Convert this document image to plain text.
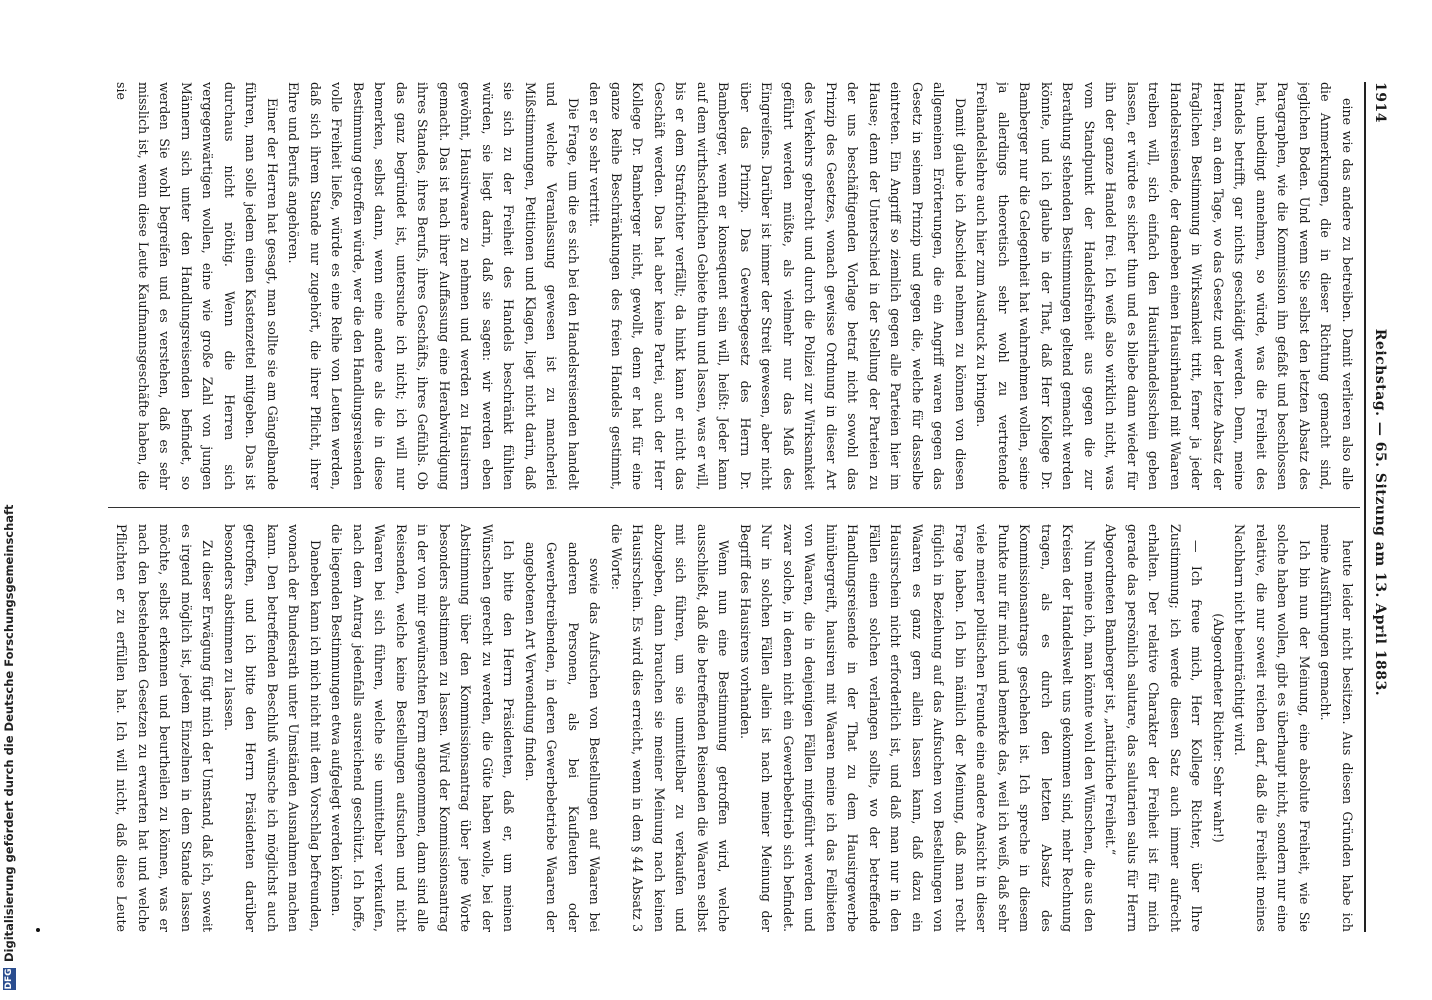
1914
Reichstag. — 65. Sitzung am 13. April 1883.

eine wie das andere zu betreiben. Damit verlieren also alle die Anmerkungen, die in dieser Richtung gemacht sind, jeglichen Boden. Und wenn Sie selbst den letzten Absatz des Paragraphen, wie die Kommission ihn gefaßt und beschlossen hat, unbedingt annehmen, so würde, was die Freiheit des Handels betrifft, gar nichts geschädigt werden. Denn, meine Herren, an dem Tage, wo das Gesetz und der letzte Absatz der fraglichen Bestimmung in Wirksamkeit tritt, ferner ja jeder Handelsreisende, der daneben einen Hausirhandel mit Waaren treiben will, sich einfach den Hausirhandelsschein geben lassen, er würde es sicher thun und es bliebe dann wieder für ihn der ganze Handel frei. Ich weiß also wirklich nicht, was vom Standpunkt der Handelsfreiheit aus gegen die zur Berathung stehenden Bestimmungen geltend gemacht werden könnte, und ich glaube in der That, daß Herr Kollege Dr. Bamberger nur die Gelegenheit hat wahrnehmen wollen, seine ja allerdings theoretisch sehr wohl zu vertretende Freihandelslehre auch hier zum Ausdruck zu bringen.

Damit glaube ich Abschied nehmen zu können von diesen allgemeinen Erörterungen, die ein Angriff waren gegen das Gesetz in seinem Prinzip und gegen die, welche für dasselbe eintreten. Ein Angriff so ziemlich gegen alle Parteien hier im Hause; denn der Unterschied in der Stellung der Parteien zu der uns beschäftigenden Vorlage betraf nicht sowohl das Prinzip des Gesetzes, wonach gewisse Ordnung in dieser Art des Verkehrs gebracht und durch die Polizei zur Wirksamkeit geführt werden müßte, als vielmehr nur das Maß des Eingreifens. Darüber ist immer der Streit gewesen, aber nicht über das Prinzip. Das Gewerbegesetz des Herrn Dr. Bamberger, wenn er konsequent sein will, heißt: Jeder kann auf dem wirthschaftlichen Gebiete thun und lassen, was er will, bis er dem Strafrichter verfällt; da hinkt kann er nicht das Geschäft werden. Das hat aber keine Partei, auch der Herr Kollege Dr. Bamberger nicht, gewollt, denn er hat für eine ganze Reihe Beschränkungen des freien Handels gestimmt, den er so sehr vertritt.

Die Frage, um die es sich bei den Handelsreisenden handelt und welche Veranlassung gewesen ist zu mancherlei Mißstimmungen, Petitionen und Klagen, liegt nicht darin, daß sie sich zu der Freiheit des Handels beschränkt fühlten würden, sie liegt darin, daß sie sagen: wir werden eben gewöhnt, Hausirwaare zu nehmen und werden zu Hausirern gemacht. Das ist nach ihrer Auffassung eine Herabwürdigung ihres Standes, ihres Berufs, ihres Geschäfts, ihres Gefühls. Ob das ganz begründet ist, untersuche ich nicht; ich will nur bemerken, selbst dann, wenn eine andere als die in diese Bestimmung getroffen würde, wer die den Handlungsreisenden volle Freiheit ließe, würde es eine Reihe von Leuten werden, daß sich ihrem Stande nur zugehört, die ihrer Pflicht, ihrer Ehre und Berufs angehören.

Einer der Herren hat gesagt, man sollte sie am Gängelbande führen, man solle jedem einen Kastenzettel mitgeben. Das ist durchaus nicht nöthig. Wenn die Herren sich vergegenwärtigen wollen, eine wie große Zahl von jungen Männern sich unter den Handlungsreisenden befindet, so werden Sie wohl begreifen und es verstehen, daß es sehr misslich ist, wenn diese Leute Kaufmannsgeschäfte haben, die sie

heute leider nicht besitzen. Aus diesen Gründen habe ich meine Ausführungen gemacht.

Ich bin nun der Meinung, eine absolute Freiheit, wie Sie solche haben wollen, gibt es überhaupt nicht, sondern nur eine relative, die nur soweit reichen darf, daß die Freiheit meines Nachbarn nicht beeinträchtigt wird.

(Abgeordneter Richter: Sehr wahr!)

— Ich freue mich, Herr Kollege Richter, über Ihre Zustimmung; ich werde diesen Satz auch immer aufrecht erhalten. Der relative Charakter der Freiheit ist für mich gerade das persönlich salutare, das salutarien salus für Herrn Abgeordneten Bamberger ist, „natürliche Freiheit.“

Nun meine ich, man könnte wohl den Wünschen, die aus den Kreisen der Handelswelt uns gekommen sind, mehr Rechnung tragen, als es durch den letzten Absatz des Kommissionsantrags geschehen ist. Ich spreche in diesem Punkte nur für mich und bemerke das, weil ich weiß, daß sehr viele meiner politischen Freunde eine andere Ansicht in dieser Frage haben. Ich bin nämlich der Meinung, daß man recht füglich in Beziehung auf das Aufsuchen von Bestellungen von Waaren es ganz gern allein lassen kann, daß dazu ein Hausirschein nicht erforderlich ist, und daß man nur in den Fällen einen solchen verlangen sollte, wo der betreffende Handlungsreisende in der That zu dem Hausirgewerbe hinübergreift, hausiren mit Waaren meine ich das Feilbieten von Waaren, die in denjenigen Fällen mitgeführt werden und zwar solche, in denen nicht ein Gewerbebetrieb sich befindet. Nur in solchen Fällen allein ist nach meiner Meinung der Begriff des Hausirens vorhanden.

Wenn nun eine Bestimmung getroffen wird, welche ausschließt, daß die betreffenden Reisenden die Waaren selbst mit sich führen, um sie unmittelbar zu verkaufen und abzugeben, dann brauchen sie meiner Meinung nach keinen Hausirschein. Es wird dies erreicht, wenn in dem § 44 Absatz 3 die Worte:

sowie das Aufsuchen von Bestellungen auf Waaren bei anderen Personen, als bei Kaufleuten oder Gewerbetreibenden, in deren Gewerbebetriebe Waaren der angebotenen Art Verwendung finden.

Ich bitte den Herrn Präsidenten, daß er, um meinen Wünschen gerecht zu werden, die Güte haben wolle, bei der Abstimmung über den Kommissionsantrag über jene Worte besonders abstimmen zu lassen. Wird der Kommissionsantrag in der von mir gewünschten Form angenommen, dann sind alle Reisenden, welche keine Bestellungen aufsuchen und nicht Waaren bei sich führen, welche sie unmittelbar verkaufen, nach dem Antrag jedenfalls ausreichend geschützt. Ich hoffe, die liegenden Bestimmungen etwa aufgelegt werden können.

Daneben kann ich mich nicht mit dem Vorschlag befreunden, wonach der Bundesrath unter Umständen Ausnahmen machen kann. Den betreffenden Beschluß wünsche ich möglichst auch getroffen, und ich bitte den Herrn Präsidenten darüber besonders abstimmen zu lassen.

Zu dieser Erwägung fügt mich der Umstand, daß ich, soweit es irgend möglich ist, jedem Einzelnen in dem Stande lassen möchte, selbst erkennen und beurtheilen zu können, was er nach den bestehenden Gesetzen zu erwarten hat und welche Pflichten er zu erfüllen hat. Ich will nicht, daß diese Leute

DFG
Digitalisierung gefördert durch die Deutsche Forschungsgemeinschaft
